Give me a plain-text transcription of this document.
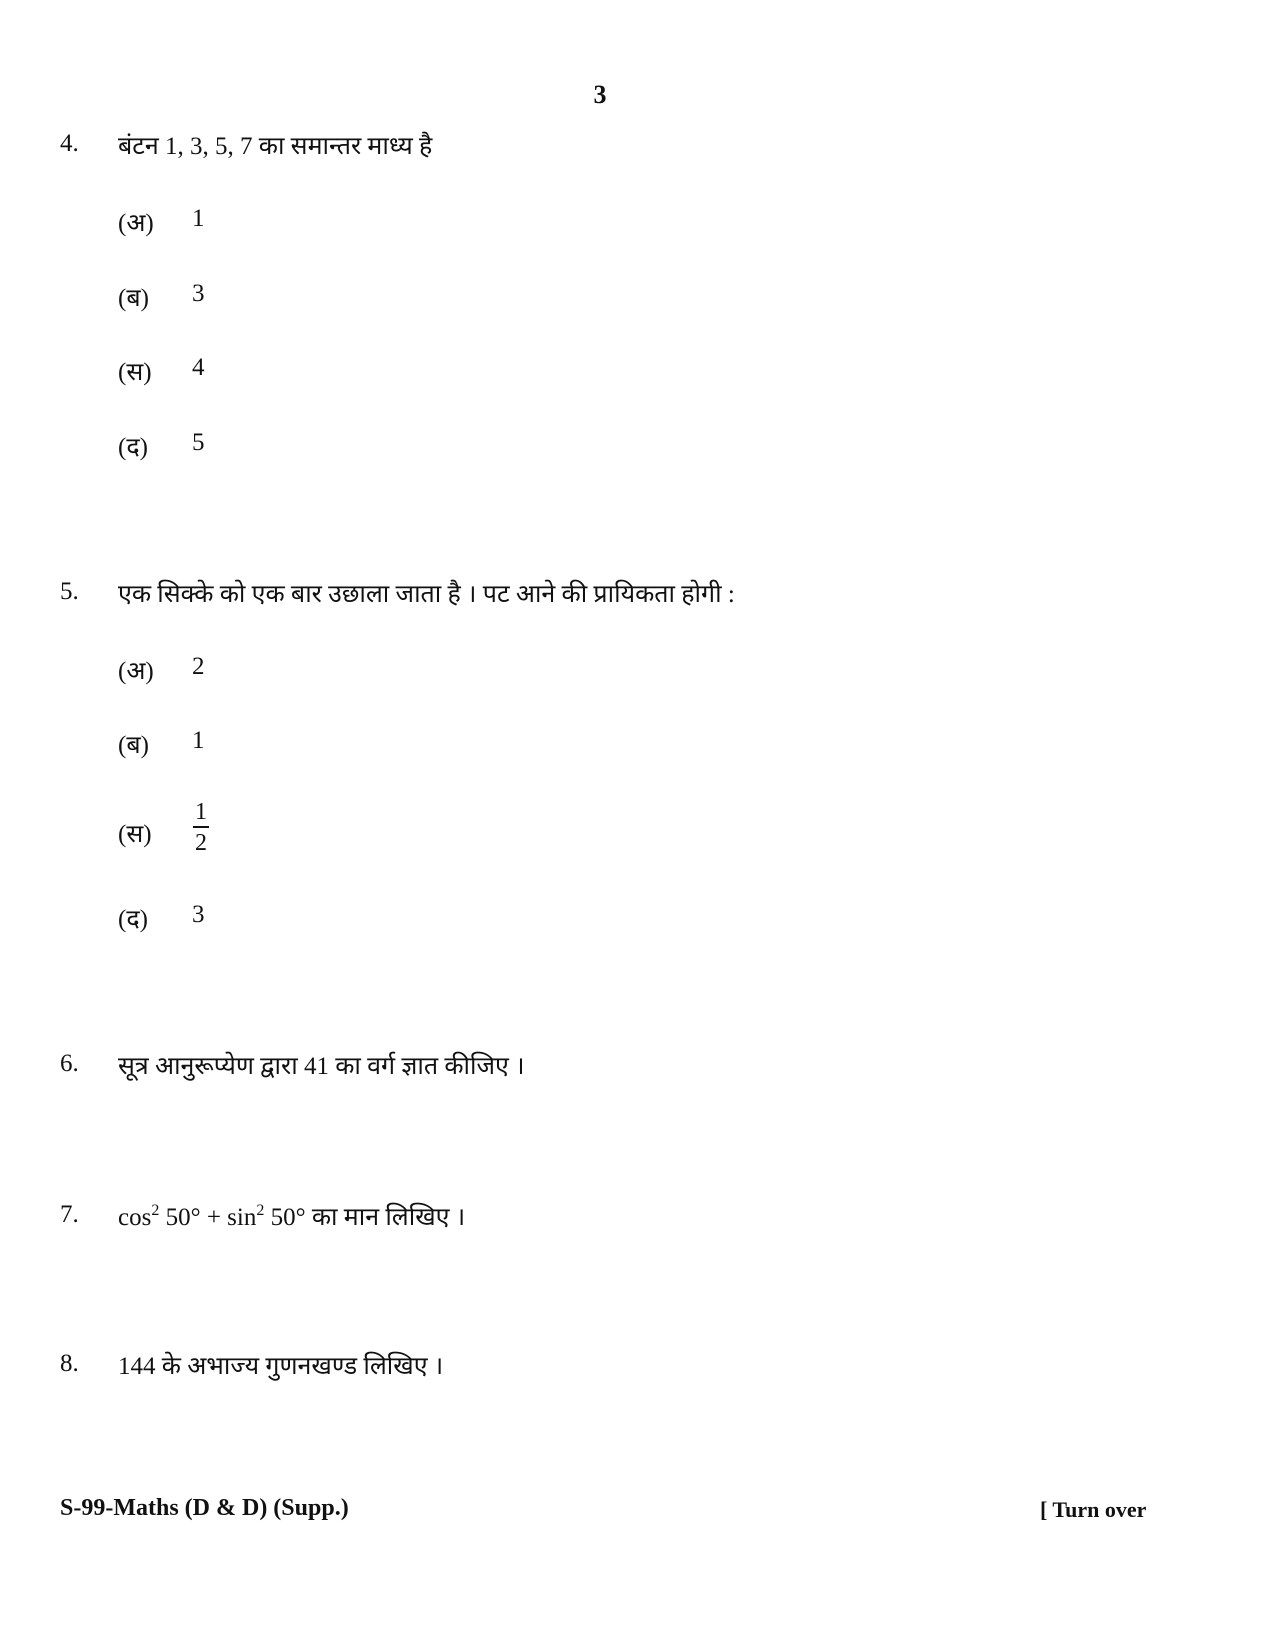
3
4. बंटन 1, 3, 5, 7 का समान्तर माध्य है
(अ) 1
(ब) 3
(स) 4
(द) 5
5. एक सिक्के को एक बार उछाला जाता है । पट आने की प्रायिकता होगी :
(अ) 2
(ब) 1
(स)
1
2
(द) 3
6. सूत्र आनुरूप्येण द्वारा 41 का वर्ग ज्ञात कीजिए ।
7. $\cos^2 50^\circ + \sin^2 50^\circ$ का मान लिखिए ।
8. 144 के अभाज्य गुणनखण्ड लिखिए ।
S-99-Maths (D & D) (Supp.)	[ Turn over
